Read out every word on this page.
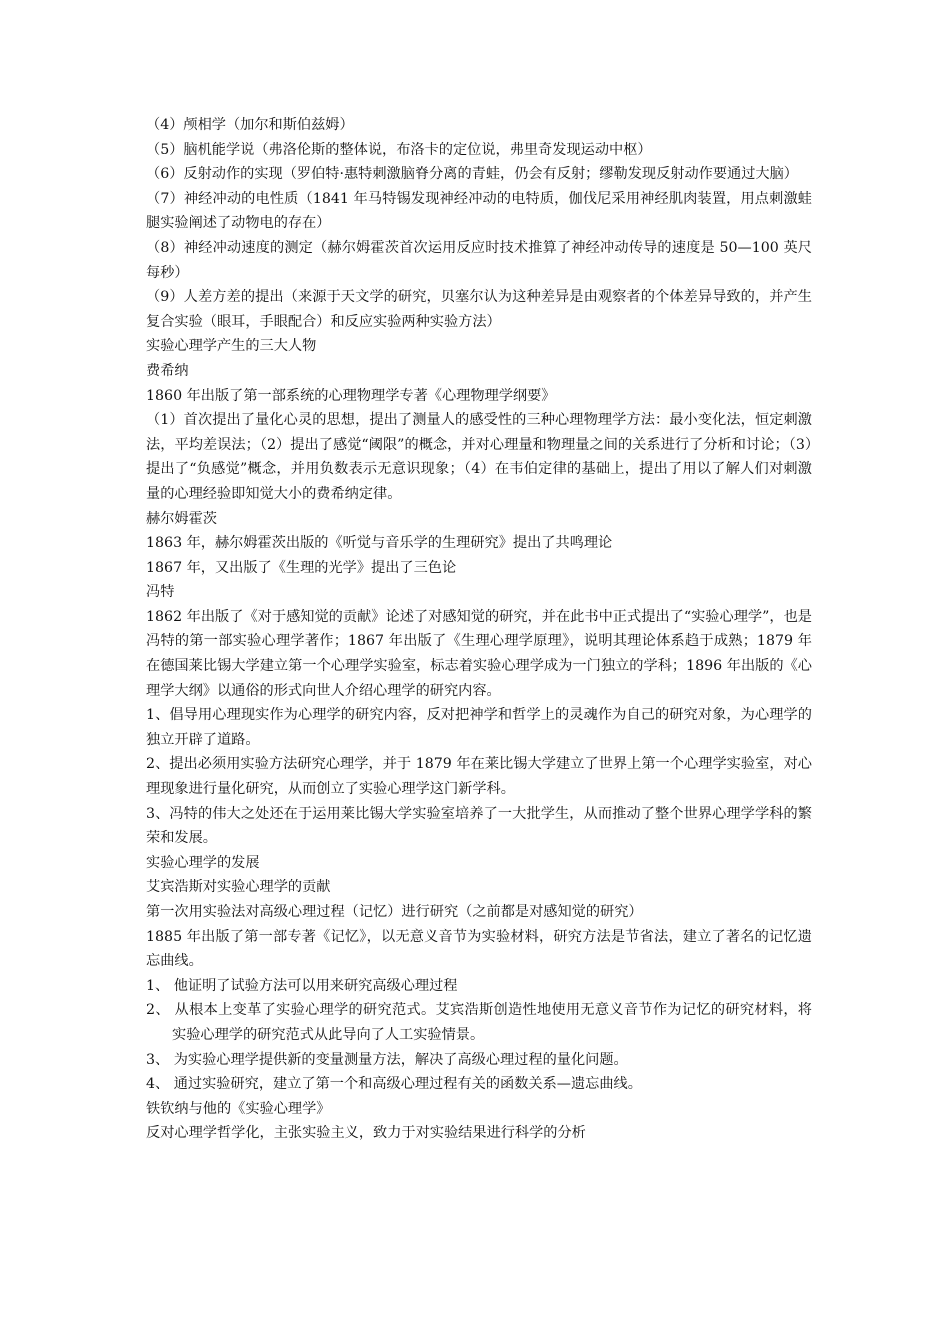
（4）颅相学（加尔和斯伯兹姆）

（5）脑机能学说（弗洛伦斯的整体说，布洛卡的定位说，弗里奇发现运动中枢）

（6）反射动作的实现（罗伯特·惠特刺激脑脊分离的青蛙，仍会有反射；缪勒发现反射动作要通过大脑）

（7）神经冲动的电性质（1841 年马特锡发现神经冲动的电特质，伽伐尼采用神经肌肉装置，用点刺激蛙腿实验阐述了动物电的存在）

（8）神经冲动速度的测定（赫尔姆霍茨首次运用反应时技术推算了神经冲动传导的速度是 50—100 英尺每秒）

（9）人差方差的提出（来源于天文学的研究，贝塞尔认为这种差异是由观察者的个体差异导致的，并产生复合实验（眼耳，手眼配合）和反应实验两种实验方法）

实验心理学产生的三大人物

费希纳

1860 年出版了第一部系统的心理物理学专著《心理物理学纲要》

（1）首次提出了量化心灵的思想，提出了测量人的感受性的三种心理物理学方法：最小变化法，恒定刺激法，平均差误法；（2）提出了感觉“阈限”的概念，并对心理量和物理量之间的关系进行了分析和讨论；（3）提出了“负感觉”概念，并用负数表示无意识现象；（4）在韦伯定律的基础上，提出了用以了解人们对刺激量的心理经验即知觉大小的费希纳定律。

赫尔姆霍茨

1863 年，赫尔姆霍茨出版的《听觉与音乐学的生理研究》提出了共鸣理论

1867 年，又出版了《生理的光学》提出了三色论

冯特

1862 年出版了《对于感知觉的贡献》论述了对感知觉的研究，并在此书中正式提出了“实验心理学”，也是冯特的第一部实验心理学著作；1867 年出版了《生理心理学原理》，说明其理论体系趋于成熟；1879 年在德国莱比锡大学建立第一个心理学实验室，标志着实验心理学成为一门独立的学科；1896 年出版的《心理学大纲》以通俗的形式向世人介绍心理学的研究内容。

1、倡导用心理现实作为心理学的研究内容，反对把神学和哲学上的灵魂作为自己的研究对象，为心理学的独立开辟了道路。

2、提出必须用实验方法研究心理学，并于 1879 年在莱比锡大学建立了世界上第一个心理学实验室，对心理现象进行量化研究，从而创立了实验心理学这门新学科。

3、冯特的伟大之处还在于运用莱比锡大学实验室培养了一大批学生，从而推动了整个世界心理学学科的繁荣和发展。

实验心理学的发展

艾宾浩斯对实验心理学的贡献

第一次用实验法对高级心理过程（记忆）进行研究（之前都是对感知觉的研究）

1885 年出版了第一部专著《记忆》，以无意义音节为实验材料，研究方法是节省法，建立了著名的记忆遗忘曲线。

1、 他证明了试验方法可以用来研究高级心理过程

2、 从根本上变革了实验心理学的研究范式。艾宾浩斯创造性地使用无意义音节作为记忆的研究材料，将实验心理学的研究范式从此导向了人工实验情景。

3、 为实验心理学提供新的变量测量方法，解决了高级心理过程的量化问题。

4、 通过实验研究，建立了第一个和高级心理过程有关的函数关系—遗忘曲线。

铁钦纳与他的《实验心理学》

反对心理学哲学化，主张实验主义，致力于对实验结果进行科学的分析
